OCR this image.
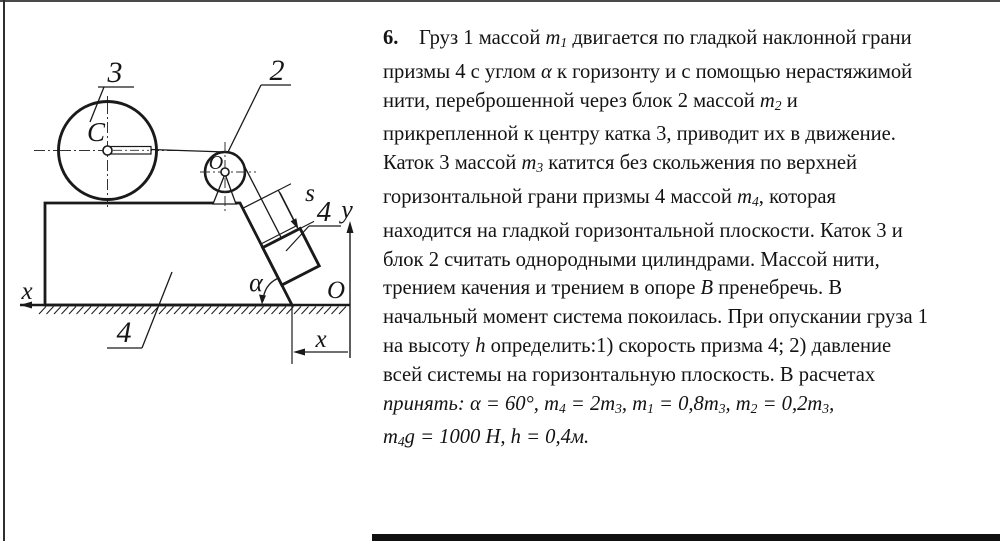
x
C
O
s
3	2
4
4
α
y
O
x
6.  Груз 1 массой m1 двигается по гладкой наклонной грани
призмы 4 с углом α к горизонту и с помощью нерастяжимой
нити, переброшенной через блок 2 массой m2 и
прикрепленной к центру катка 3, приводит их в движение.
Каток 3 массой m3 катится без скольжения по верхней
горизонтальной грани призмы 4 массой m4, которая
находится на гладкой горизонтальной плоскости. Каток 3 и
блок 2 считать однородными цилиндрами. Массой нити,
трением качения и трением в опоре B пренебречь. В
начальный момент система покоилась. При опускании груза 1
на высоту h определить:1) скорость призма 4; 2) давление
всей системы на горизонтальную плоскость. В расчетах
принять: α = 60°, m4 = 2m3, m1 = 0,8m3, m2 = 0,2m3,
m4g = 1000 Н, h = 0,4м.
